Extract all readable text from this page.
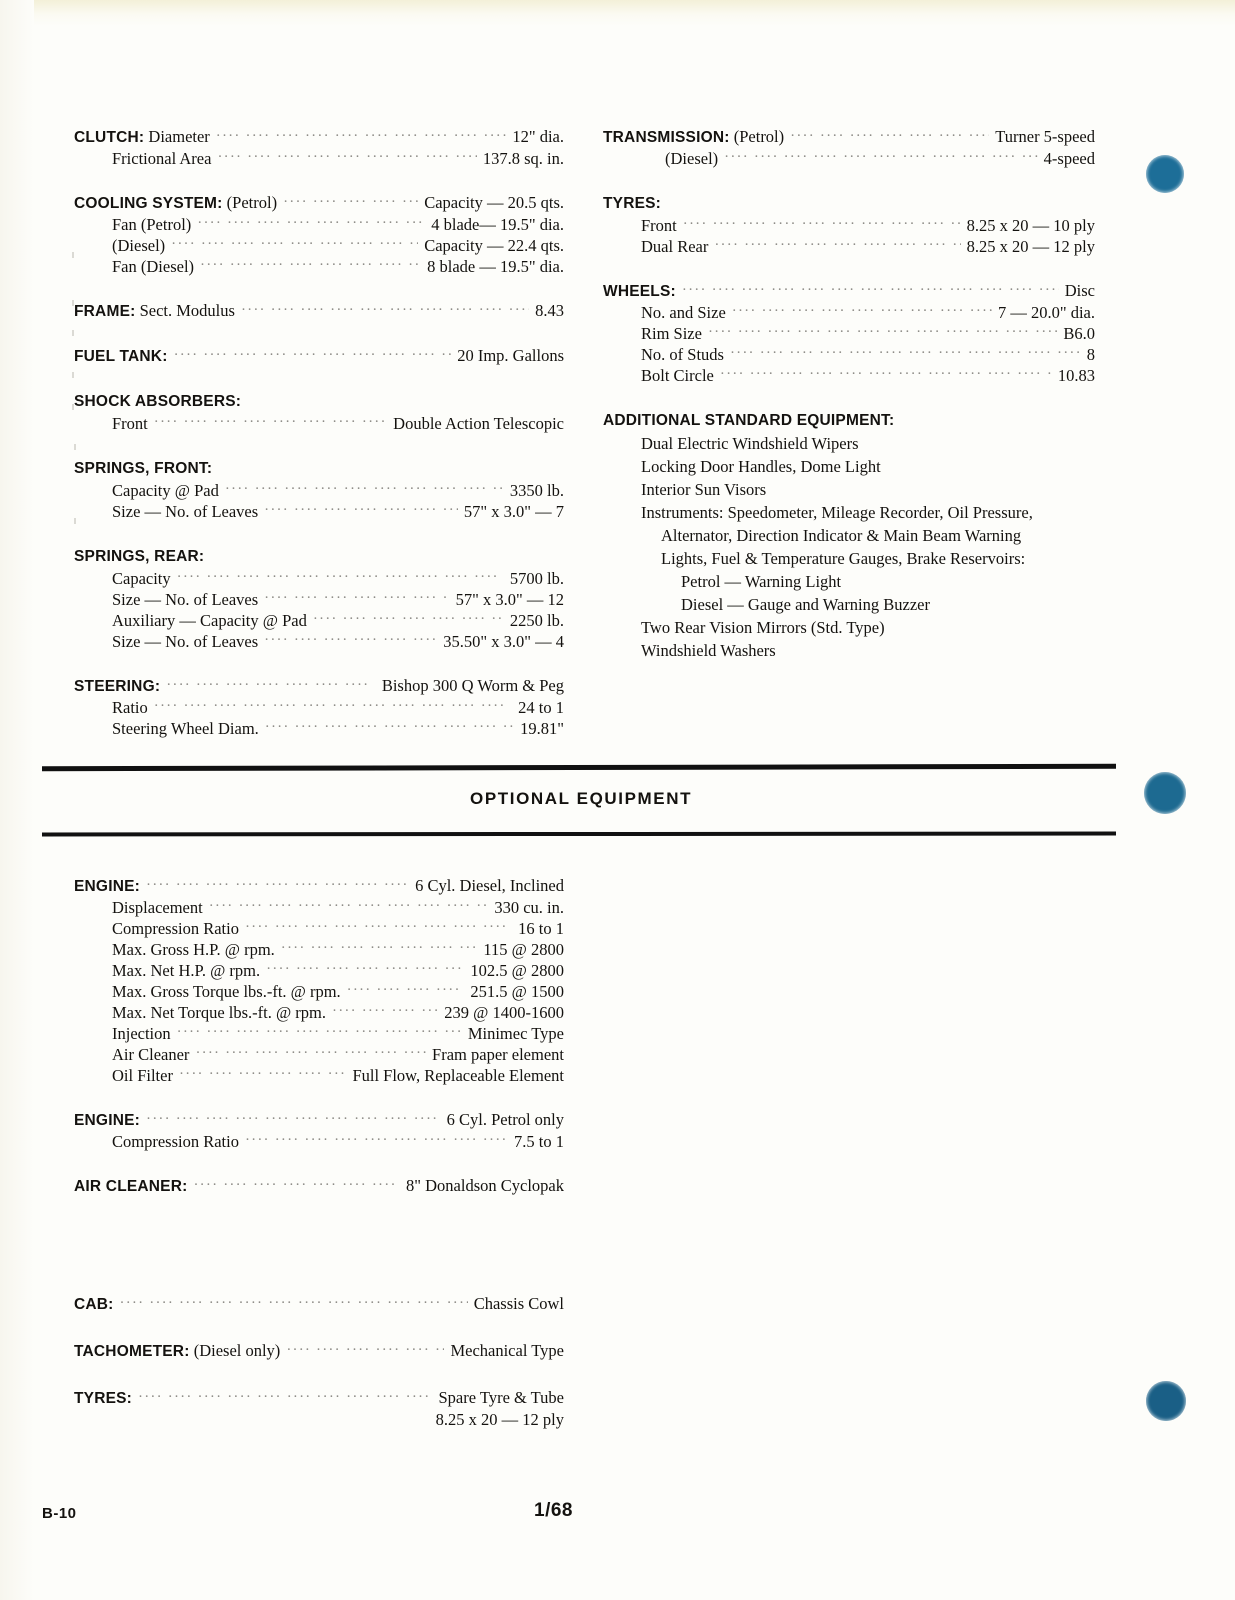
CLUTCH: Diameter ····	12" dia.
Frictional Area ····	137.8 sq. in.
COOLING SYSTEM: (Petrol) ····	Capacity — 20.5 qts.
Fan (Petrol) ····	4 blade— 19.5" dia.
(Diesel) ····	Capacity — 22.4 qts.
Fan (Diesel) ····	8 blade — 19.5" dia.
FRAME: Sect. Modulus ····	8.43
FUEL TANK: ····	20 Imp. Gallons
SHOCK ABSORBERS:
Front ····	Double Action Telescopic
SPRINGS, FRONT:
Capacity @ Pad ····	3350 lb.
Size — No. of Leaves ····	57" x 3.0" — 7
SPRINGS, REAR:
Capacity ····	5700 lb.
Size — No. of Leaves ····	57" x 3.0" — 12
Auxiliary — Capacity @ Pad ····	2250 lb.
Size — No. of Leaves ····	35.50" x 3.0" — 4
STEERING: ····	Bishop 300 Q Worm & Peg
Ratio ····	24 to 1
Steering Wheel Diam. ····	19.81"
TRANSMISSION: (Petrol) ····	Turner 5-speed
(Diesel) ····	4-speed
TYRES:
Front ····	8.25 x 20 — 10 ply
Dual Rear ····	8.25 x 20 — 12 ply
WHEELS: ····	Disc
No. and Size ····	7 — 20.0" dia.
Rim Size ····	B6.0
No. of Studs ····	8
Bolt Circle ····	10.83
ADDITIONAL STANDARD EQUIPMENT:
Dual Electric Windshield Wipers
Locking Door Handles, Dome Light
Interior Sun Visors
Instruments: Speedometer, Mileage Recorder, Oil Pressure,
Alternator, Direction Indicator & Main Beam Warning
Lights, Fuel & Temperature Gauges, Brake Reservoirs:
Petrol — Warning Light
Diesel — Gauge and Warning Buzzer
Two Rear Vision Mirrors (Std. Type)
Windshield Washers
OPTIONAL EQUIPMENT
ENGINE: ····	6 Cyl. Diesel, Inclined
Displacement ····	330 cu. in.
Compression Ratio ····	16 to 1
Max. Gross H.P. @ rpm. ····	115 @ 2800
Max. Net H.P. @ rpm. ····	102.5 @ 2800
Max. Gross Torque lbs.-ft. @ rpm. ····	251.5 @ 1500
Max. Net Torque lbs.-ft. @ rpm. ····	239 @ 1400-1600
Injection ····	Minimec Type
Air Cleaner ····	Fram paper element
Oil Filter ····	Full Flow, Replaceable Element
ENGINE: ····	6 Cyl. Petrol only
Compression Ratio ····	7.5 to 1
AIR CLEANER: ····	8" Donaldson Cyclopak
CAB: ····	Chassis Cowl
TACHOMETER: (Diesel only) ····	Mechanical Type
TYRES: ····	Spare Tyre & Tube
8.25 x 20 — 12 ply
B-10	1/68
